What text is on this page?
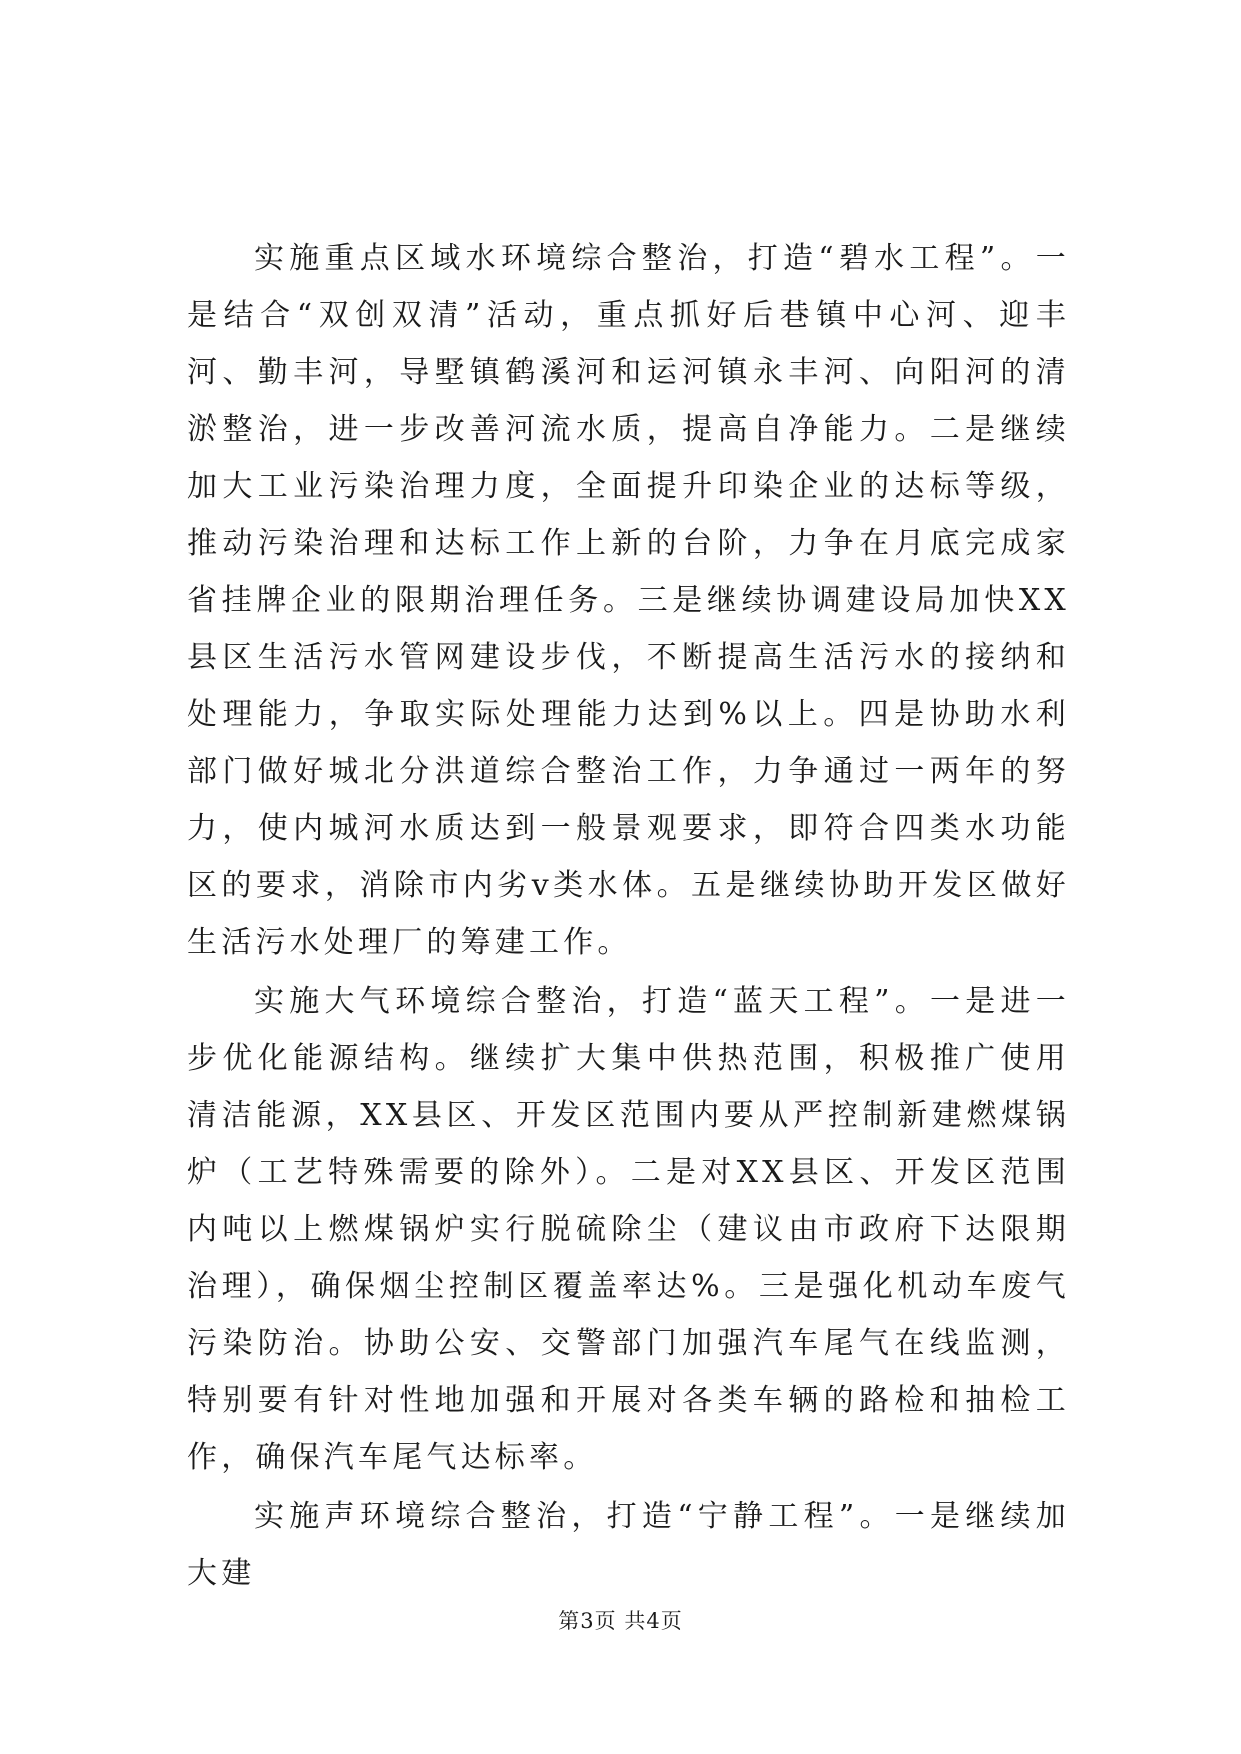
实施重点区域水环境综合整治，打造“碧水工程”。一是结合“双创双清”活动，重点抓好后巷镇中心河、迎丰河、勤丰河，导墅镇鹤溪河和运河镇永丰河、向阳河的清淤整治，进一步改善河流水质，提高自净能力。二是继续加大工业污染治理力度，全面提升印染企业的达标等级，推动污染治理和达标工作上新的台阶，力争在月底完成家省挂牌企业的限期治理任务。三是继续协调建设局加快XX县区生活污水管网建设步伐，不断提高生活污水的接纳和处理能力，争取实际处理能力达到%以上。四是协助水利部门做好城北分洪道综合整治工作，力争通过一两年的努力，使内城河水质达到一般景观要求，即符合四类水功能区的要求，消除市内劣v类水体。五是继续协助开发区做好生活污水处理厂的筹建工作。

实施大气环境综合整治，打造“蓝天工程”。一是进一步优化能源结构。继续扩大集中供热范围，积极推广使用清洁能源，XX县区、开发区范围内要从严控制新建燃煤锅炉（工艺特殊需要的除外）。二是对XX县区、开发区范围内吨以上燃煤锅炉实行脱硫除尘（建议由市政府下达限期治理），确保烟尘控制区覆盖率达%。三是强化机动车废气污染防治。协助公安、交警部门加强汽车尾气在线监测，特别要有针对性地加强和开展对各类车辆的路检和抽检工作，确保汽车尾气达标率。

实施声环境综合整治，打造“宁静工程”。一是继续加大建

第3页 共4页
